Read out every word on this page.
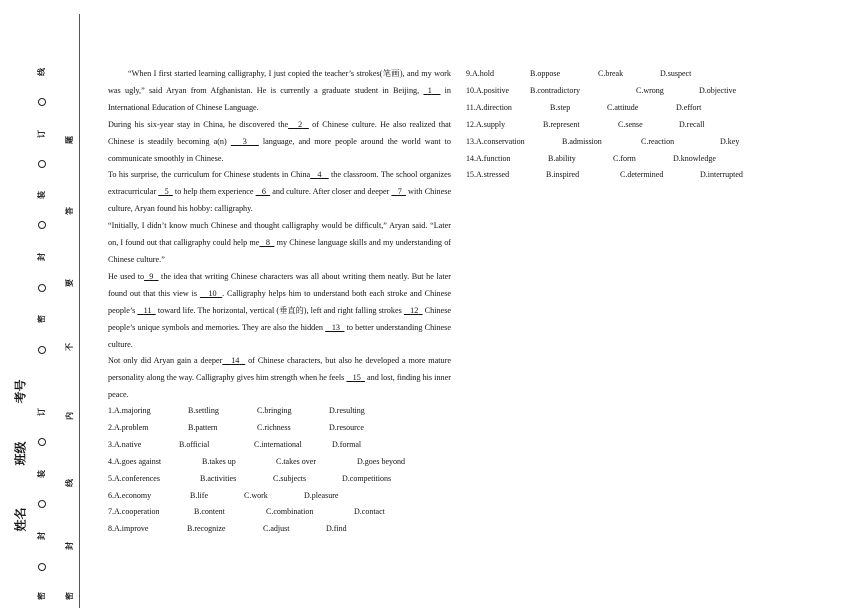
线
订
装
封
密
订
装
封
密
题
答
要
不
内
线
封
密
考号
班级
姓名

“When I first started learning calligraphy, I just copied the teacher’s strokes(笔画), and my work was ugly,” said Aryan from Afghanistan. He is currently a graduate student in Beijing,  1   in International Education of Chinese Language.

During his six-year stay in China, he discovered the 2   of Chinese culture. He also realized that Chinese is steadily becoming a(n)    3    language, and more people around the world want to communicate smoothly in Chinese.

To his surprise, the curriculum for Chinese students in China 4    the classroom. The school organizes extracurricular    5   to help them experience    6   and culture. After closer and deeper    7   with Chinese culture, Aryan found his hobby: calligraphy.

“Initially, I didn’t know much Chinese and thought calligraphy would be difficult,” Aryan said. “Later on, I found out that calligraphy could help me 8   my Chinese language skills and my understanding of Chinese culture.”

He used to 9   the idea that writing Chinese characters was all about writing them neatly. But he later found out that this view is    10 . Calligraphy helps him to understand both each stroke and Chinese people’s    11   toward life. The horizontal, vertical (垂直的), left and right falling strokes    12   Chinese people’s unique symbols and memories. They are also the hidden    13   to better understanding Chinese culture.

Not only did Aryan gain a deeper 14   of Chinese characters, but also he developed a more mature personality along the way. Calligraphy gives him strength when he feels    15   and lost, finding his inner peace.

1.A.majoring	B.settling	C.bringing	D.resulting
2.A.problem	B.pattern	C.richness	D.resource
3.A.native	B.official	C.international	D.formal
4.A.goes against	B.takes up	C.takes over	D.goes beyond
5.A.conferences	B.activities	C.subjects	D.competitions
6.A.economy	B.life	C.work	D.pleasure
7.A.cooperation	B.content	C.combination	D.contact
8.A.improve	B.recognize	C.adjust	D.find
9.A.hold	B.oppose	C.break	D.suspect
10.A.positive	B.contradictory	C.wrong	D.objective
11.A.direction	B.step	C.attitude	D.effort
12.A.supply	B.represent	C.sense	D.recall
13.A.conservation	B.admission	C.reaction	D.key
14.A.function	B.ability	C.form	D.knowledge
15.A.stressed	B.inspired	C.determined	D.interrupted
